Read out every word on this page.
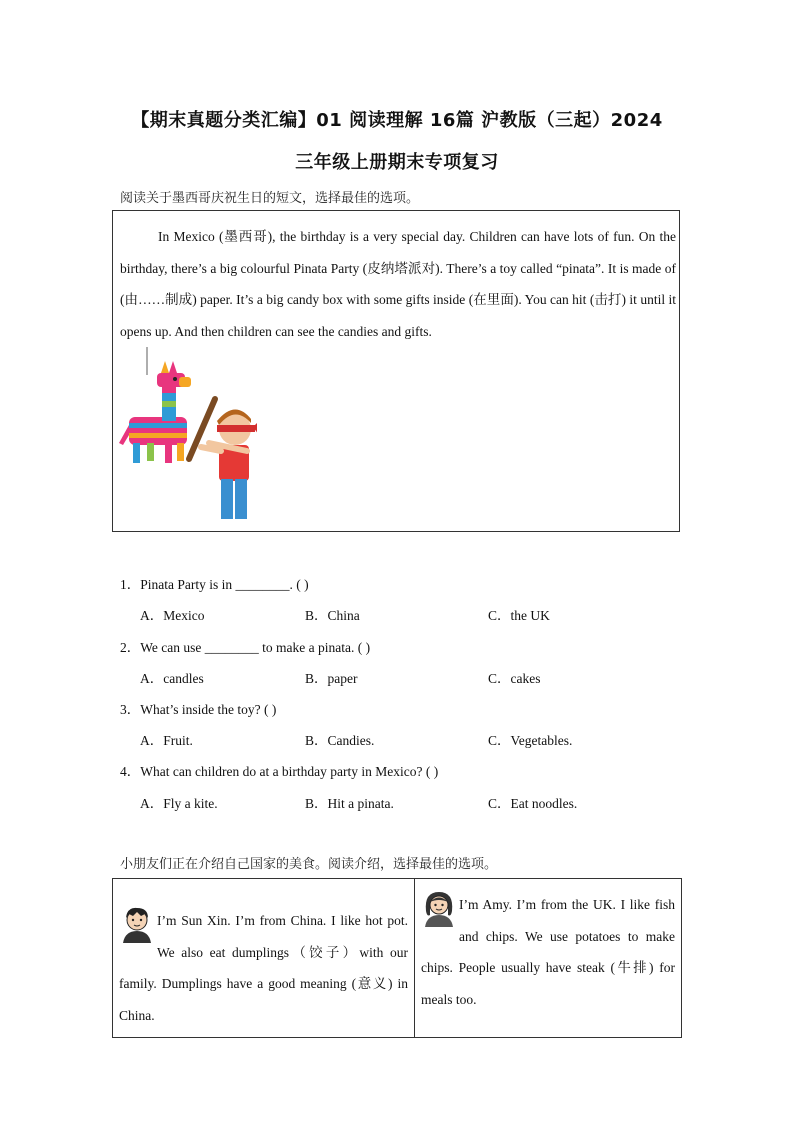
【期末真题分类汇编】01 阅读理解 16篇 沪教版（三起）2024
三年级上册期末专项复习
阅读关于墨西哥庆祝生日的短文，选择最佳的选项。
In Mexico (墨西哥), the birthday is a very special day. Children can have lots of fun. On the birthday, there’s a big colourful Pinata Party (皮纳塔派对). There’s a toy called “pinata”. It is made of (由……制成) paper. It’s a big candy box with some gifts inside (在里面). You can hit (击打) it until it opens up. And then children can see the candies and gifts.
1．Pinata Party is in ________. ( )
A．Mexico	B．China	C．the UK
2．We can use ________ to make a pinata. ( )
A．candles	B．paper	C．cakes
3．What’s inside the toy? ( )
A．Fruit.	B．Candies.	C．Vegetables.
4．What can children do at a birthday party in Mexico? ( )
A．Fly a kite.	B．Hit a pinata.	C．Eat noodles.
小朋友们正在介绍自己国家的美食。阅读介绍，选择最佳的选项。
I’m Sun Xin. I’m from China. I like hot pot. We also eat dumplings（饺子）with our family. Dumplings have a good meaning (意义) in China.	
I’m Amy. I’m from the UK. I like fish and chips. We use potatoes to make chips. People usually have steak (牛排) for meals too.
